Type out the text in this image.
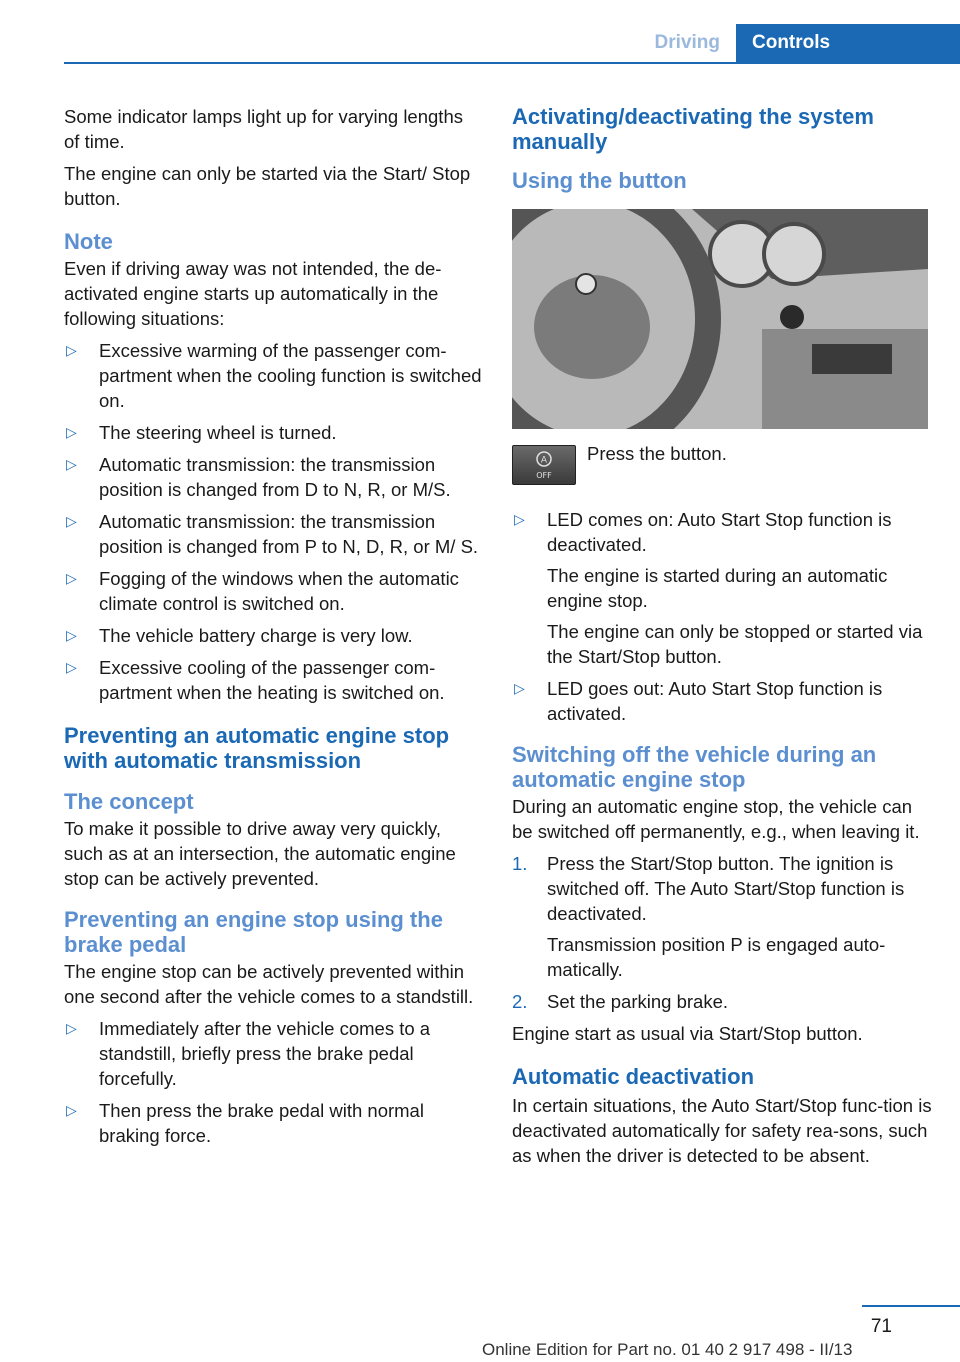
Driving	Controls

Some indicator lamps light up for varying lengths of time.

The engine can only be started via the Start/ Stop button.

Note

Even if driving away was not intended, the de‐activated engine starts up automatically in the following situations:

▷ Excessive warming of the passenger com‐partment when the cooling function is switched on.
▷ The steering wheel is turned.
▷ Automatic transmission: the transmission position is changed from D to N, R, or M/S.
▷ Automatic transmission: the transmission position is changed from P to N, D, R, or M/ S.
▷ Fogging of the windows when the automatic climate control is switched on.
▷ The vehicle battery charge is very low.
▷ Excessive cooling of the passenger com‐partment when the heating is switched on.
Preventing an automatic engine stop with automatic transmission
The concept

To make it possible to drive away very quickly, such as at an intersection, the automatic engine stop can be actively prevented.

Preventing an engine stop using the brake pedal

The engine stop can be actively prevented within one second after the vehicle comes to a standstill.

▷ Immediately after the vehicle comes to a standstill, briefly press the brake pedal forcefully.
▷ Then press the brake pedal with normal braking force.
Activating/deactivating the system manually
Using the button
A
OFF
Press the button.
▷ LED comes on: Auto Start Stop function is deactivated.
The engine is started during an automatic engine stop.
The engine can only be stopped or started via the Start/Stop button.
▷ LED goes out: Auto Start Stop function is activated.
Switching off the vehicle during an automatic engine stop

During an automatic engine stop, the vehicle can be switched off permanently, e.g., when leaving it.

1. Press the Start/Stop button. The ignition is switched off. The Auto Start/Stop function is deactivated.
Transmission position P is engaged auto‐matically.
2. Set the parking brake.

Engine start as usual via Start/Stop button.

Automatic deactivation

In certain situations, the Auto Start/Stop func‐tion is deactivated automatically for safety rea‐sons, such as when the driver is detected to be absent.

71
Online Edition for Part no. 01 40 2 917 498 - II/13
